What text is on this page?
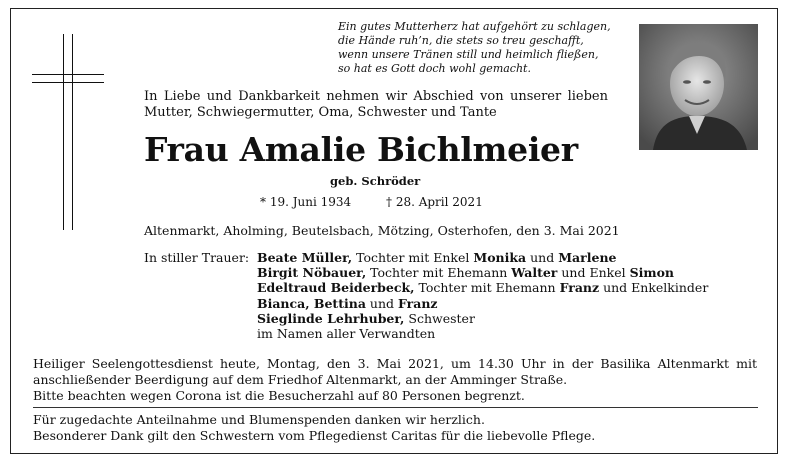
Ein gutes Mutterherz hat aufgehört zu schlagen,
die Hände ruh’n, die stets so treu geschafft,
wenn unsere Tränen still und heimlich fließen,
so hat es Gott doch wohl gemacht.
In Liebe und Dankbarkeit nehmen wir Abschied von unserer lieben Mutter, Schwiegermutter, Oma, Schwester und Tante
Frau Amalie Bichlmeier
geb. Schröder
* 19. Juni 1934	† 28. April 2021
Altenmarkt, Aholming, Beutelsbach, Mötzing, Osterhofen, den 3. Mai 2021
In stiller Trauer: Beate Müller, Tochter mit Enkel Monika und Marlene
Birgit Nöbauer, Tochter mit Ehemann Walter und Enkel Simon
Edeltraud Beiderbeck, Tochter mit Ehemann Franz und Enkelkinder
Bianca, Bettina und Franz
Sieglinde Lehrhuber, Schwester
im Namen aller Verwandten
Heiliger Seelengottesdienst heute, Montag, den 3. Mai 2021, um 14.30 Uhr in der Basilika Altenmarkt mit
anschließender Beerdigung auf dem Friedhof Altenmarkt, an der Amminger Straße.
Bitte beachten wegen Corona ist die Besucherzahl auf 80 Personen begrenzt.
Für zugedachte Anteilnahme und Blumenspenden danken wir herzlich.
Besonderer Dank gilt den Schwestern vom Pflegedienst Caritas für die liebevolle Pflege.
